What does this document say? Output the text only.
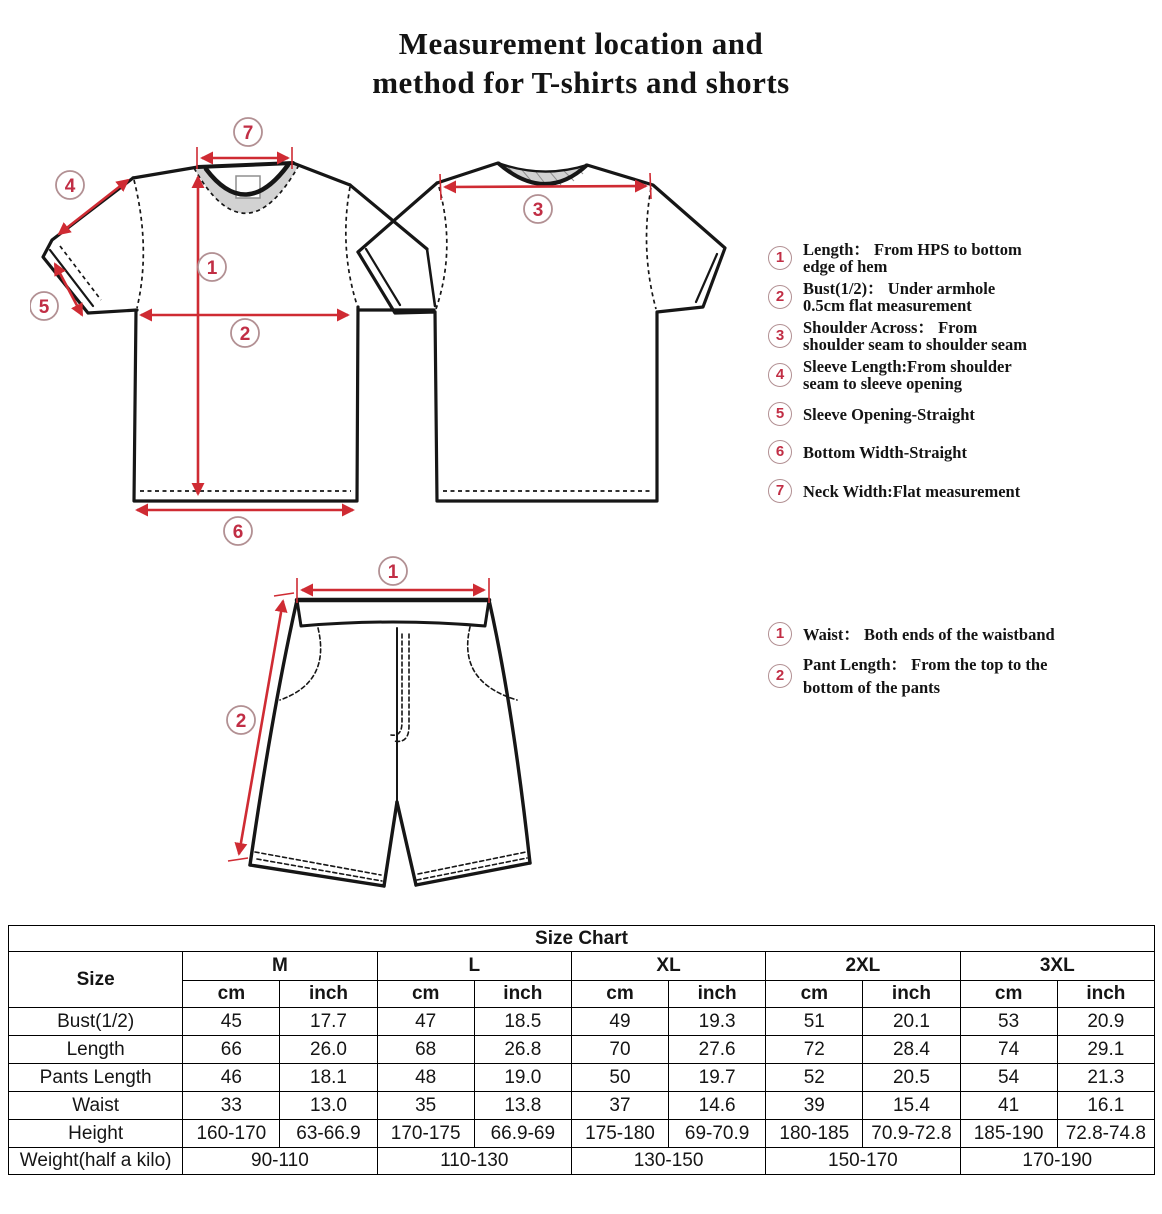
Measurement location and
method for T-shirts and shorts
7
4
5
1
2
6
3
1
2
1	Length： From HPS to bottom
edge of hem
2	Bust(1/2)： Under armhole
0.5cm flat measurement
3	Shoulder Across： From
shoulder seam to shoulder seam
4	Sleeve Length:From shoulder
seam to sleeve opening
5	Sleeve Opening-Straight
6	Bottom Width-Straight
7	Neck Width:Flat measurement
1	Waist： Both ends of the waistband
2
Pant Length： From the top to the
bottom of the pants
Size Chart										
Size	M		L		XL		2XL		3XL	
	cm	inch	cm	inch	cm	inch	cm	inch	cm	inch
Bust(1/2)	45	17.7	47	18.5	49	19.3	51	20.1	53	20.9
Length	66	26.0	68	26.8	70	27.6	72	28.4	74	29.1
Pants Length	46	18.1	48	19.0	50	19.7	52	20.5	54	21.3
Waist	33	13.0	35	13.8	37	14.6	39	15.4	41	16.1
Height	160-170	63-66.9	170-175	66.9-69	175-180	69-70.9	180-185	70.9-72.8	185-190	72.8-74.8
Weight(half a kilo)	90-110		110-130		130-150		150-170		170-190	
